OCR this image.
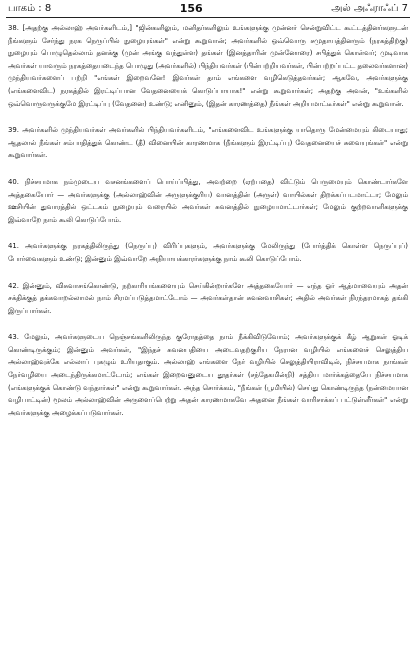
பாகம் : 8	156	அல் அஃராஃப் 7

38. [அதற்கு அல்லாஹ் அவர்களிடம்,] "ஜின்களிலும், மனிதர்களிலும் உங்களுக்கு முன்னர் சென்றுவிட்ட கூட்டத்தினர்களுடன் நீங்களும் சேர்ந்து நரக நெருப்பில் நுழையுங்கள்" என்று கூறுவான்; அவர்களில் ஒவ்வொரு சமுதாயத்தினரும் (நரகத்திற்கு) நுழையும் பொழுதெல்லாம் தனக்கு (முன் அங்கு வந்துள்ள) தங்கள் (இனத்தாரின் முன்னோரை) சபித்துக் கொள்வர்; முடிவாக அவர்கள் யாவரும் நரகத்தையடைந்த பொழுது (அவர்களில்) பிந்தியவர்கள் (பின்பற்றியவர்கள், பின்பற்றப்பட்ட தலைவர்களான) முந்தியவர்களைப் பற்றி "எங்கள் இறைவனே! இவர்கள் தாம் எங்களை வழிகெடுத்தவர்கள்; ஆகவே, அவர்களுக்கு (எங்களைவிட) நரகத்தில் இரட்டிப்பான வேதனையைக் கொடுப்பாயாக!" என்று கூறுவார்கள்; அதற்கு அவன், "உங்களில் ஒவ்வொருவருக்குமே இரட்டிப்பு (வேதனை) உண்டு; எனினும், (இதன் காரணத்தை) நீங்கள் அறியமாட்டீர்கள்" என்று கூறுவான்.

39. அவர்களில் முந்தியவர்கள் அவர்களில் பிந்தியவர்களிடம், "எங்களைவிட உங்களுக்கு யாதொரு மேன்மையும் கிடையாது; ஆதலால் நீங்கள் சம்பாதித்துக் கொண்ட (தீ) வினையின் காரணமாக (நீங்களும் இரட்டிப்பு) வேதனையைச் சுவையுங்கள்" என்று கூறுவார்கள்.

40. நிச்சயமாக நம்முடைய வசனங்களைப் பொய்ப்பித்து, அவற்றை (ஏற்பதை) விட்டும் பெருமையும் கொண்டார்களே அத்தகையோர் — அவர்களுக்கு (அல்லாஹ்வின் அருளுக்குரிய) வானத்தின் (அருள்) வாயில்கள் திறக்கப்படமாட்டா; மேலும் ஊசியின் துவாரத்தில் ஒட்டகம் நுழையும் வரையில் அவர்கள் சுவனத்தில் நுழையமாட்டார்கள்; மேலும் குற்றவாளிகளுக்கு இவ்வாறே நாம் கூலி கொடுப்போம்.

41. அவர்களுக்கு நரகத்திலிருந்து (நெருப்பு) விரிப்புகளும், அவர்களுக்கு மேலிருந்து (போர்த்திக் கொள்ள நெருப்புப்) போர்வைகளும் உண்டு; இன்னும் இவ்வாறே அநியாயக்காரர்களுக்கு நாம் கூலி கொடுப்போம்.

42. இன்னும், விசுவாசங்கொண்டு, நற்காரியங்களையும் செய்கின்றார்களே அத்தகையோர் — எந்த ஓர் ஆத்மாவையும் அதன் சக்திக்குத் தக்கவாறல்லாமல் நாம் சிரமப்படுத்தமாட்டோம் — அவர்கள்தான் சுவனவாசிகள்; அதில் அவர்கள் நிரந்தரமாகத் தங்கி இருப்பார்கள்.

43. மேலும், அவர்களுடைய நெஞ்சங்களிலிருந்த குரோதத்தை நாம் நீக்கிவிடுவோம்; அவர்களுக்குக் கீழ் ஆறுகள் ஓடிக் கொண்டிருக்கும்; இன்னும் அவர்கள், "இந்தச் சுவனபதியை அடைவதற்குரிய நேரான வழியில் எங்களைச் செலுத்திய அல்லாஹ்வுக்கே எல்லாப் புகழும் உரியதாகும். அல்லாஹ் எங்களை நேர் வழியில் செலுத்தியிராவிடில், நிச்சயமாக நாங்கள் நேர்வழியை அடைந்திருக்கமாட்டோம்; எங்கள் இறைவனுடைய தூதர்கள் (சந்தேகமின்றி) சத்திய மார்க்கத்தையே நிச்சயமாக (எங்களுக்குக் கொண்டு வந்தார்கள்" என்று கூறுவார்கள். அந்த சொர்க்கம், "நீங்கள் (பூமியில்) செய்து கொண்டிருந்த (நன்மையான வழிபாட்டின்) மூலம் அல்லாஹ்வின் அருளைப்பெற்று அதன் காரணமாகவே அதனை நீங்கள் வாரிசாக்கப் பட்டுள்ளீர்கள்" என்று அவர்களுக்கு அழைக்கப்படுவார்கள்.
